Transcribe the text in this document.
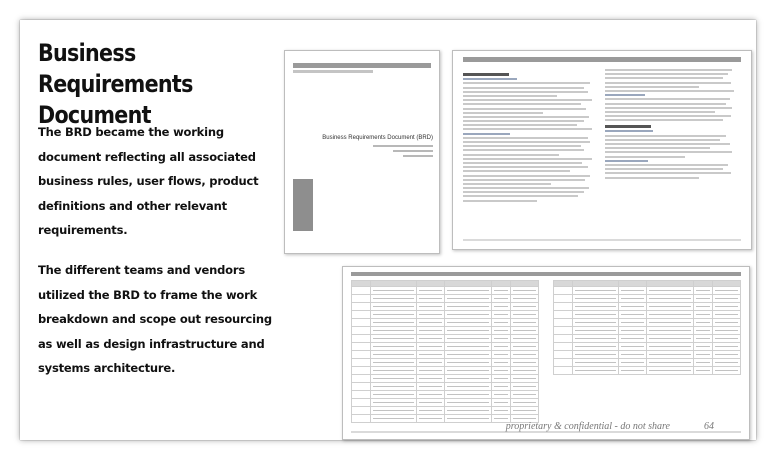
Business Requirements Document
The BRD became the working document reflecting all associated business rules, user flows, product definitions and other relevant requirements.
The different teams and vendors utilized the BRD to frame the work breakdown and scope out resourcing as well as design infrastructure and systems architecture.
Business Requirements Document (BRD)

proprietary & confidential - do not share	64
